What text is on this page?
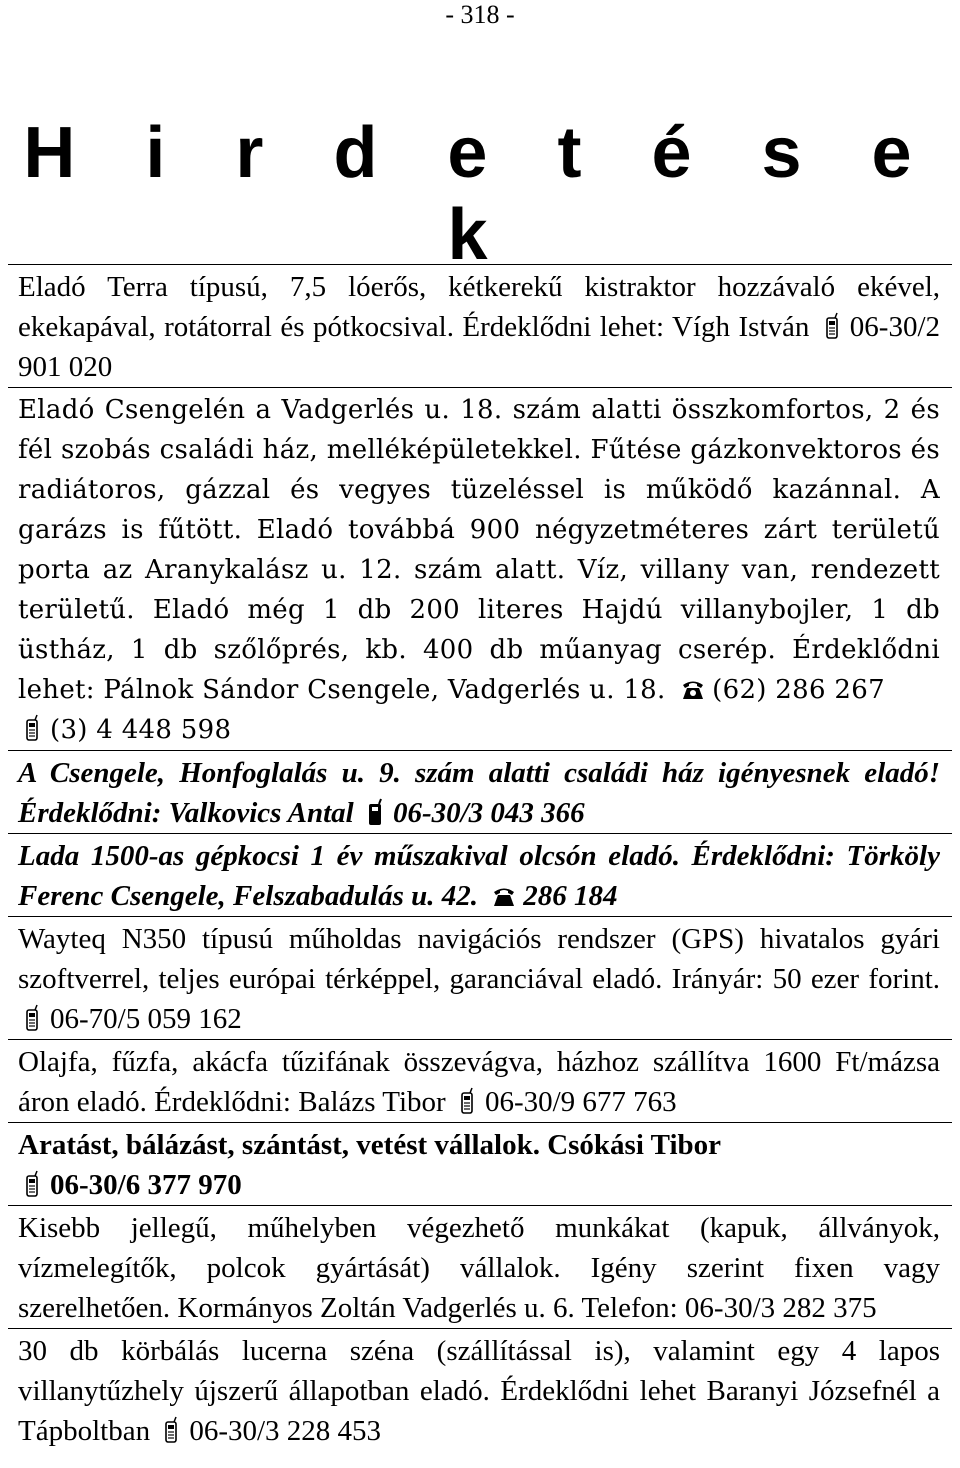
- 318 -
H i r d e t é s e k
Eladó Terra típusú, 7,5 lóerős, kétkerekű kistraktor hozzávaló ekével, ekekapával, rotátorral és pótkocsival. Érdeklődni lehet: Vígh István 06-30/2 901 020
Eladó Csengelén a Vadgerlés u. 18. szám alatti összkomfortos, 2 és fél szobás családi ház, melléképületekkel. Fűtése gázkonvektoros és radiátoros, gázzal és vegyes tüzeléssel is működő kazánnal. A garázs is fűtött. Eladó továbbá 900 négyzetméteres zárt területű porta az Aranykalász u. 12. szám alatt. Víz, villany van, rendezett területű. Eladó még 1 db 200 literes Hajdú villanybojler, 1 db üstház, 1 db szőlőprés, kb. 400 db műanyag cserép. Érdeklődni lehet: Pálnok Sándor Csengele, Vadgerlés u. 18. (62) 286 267

(3) 4 448 598
A Csengele, Honfoglalás u. 9. szám alatti családi ház igényesnek eladó! Érdeklődni: Valkovics Antal 06-30/3 043 366
Lada 1500-as gépkocsi 1 év műszakival olcsón eladó. Érdeklődni: Törköly Ferenc Csengele, Felszabadulás u. 42. 286 184
Wayteq N350 típusú műholdas navigációs rendszer (GPS) hivatalos gyári szoftverrel, teljes európai térképpel, garanciával eladó. Irányár: 50 ezer forint.
06-70/5 059 162
Olajfa, fűzfa, akácfa tűzifának összevágva, házhoz szállítva 1600 Ft/mázsa áron eladó. Érdeklődni: Balázs Tibor 06-30/9 677 763
Aratást, bálázást, szántást, vetést vállalok. Csókási Tibor

06-30/6 377 970
Kisebb jellegű, műhelyben végezhető munkákat (kapuk, állványok, vízmelegítők, polcok gyártását) vállalok. Igény szerint fixen vagy szerelhetően. Kormányos Zoltán Vadgerlés u. 6. Telefon: 06-30/3 282 375
30 db körbálás lucerna széna (szállítással is), valamint egy 4 lapos villanytűzhely újszerű állapotban eladó. Érdeklődni lehet Baranyi Józsefnél a Tápboltban 06-30/3 228 453
